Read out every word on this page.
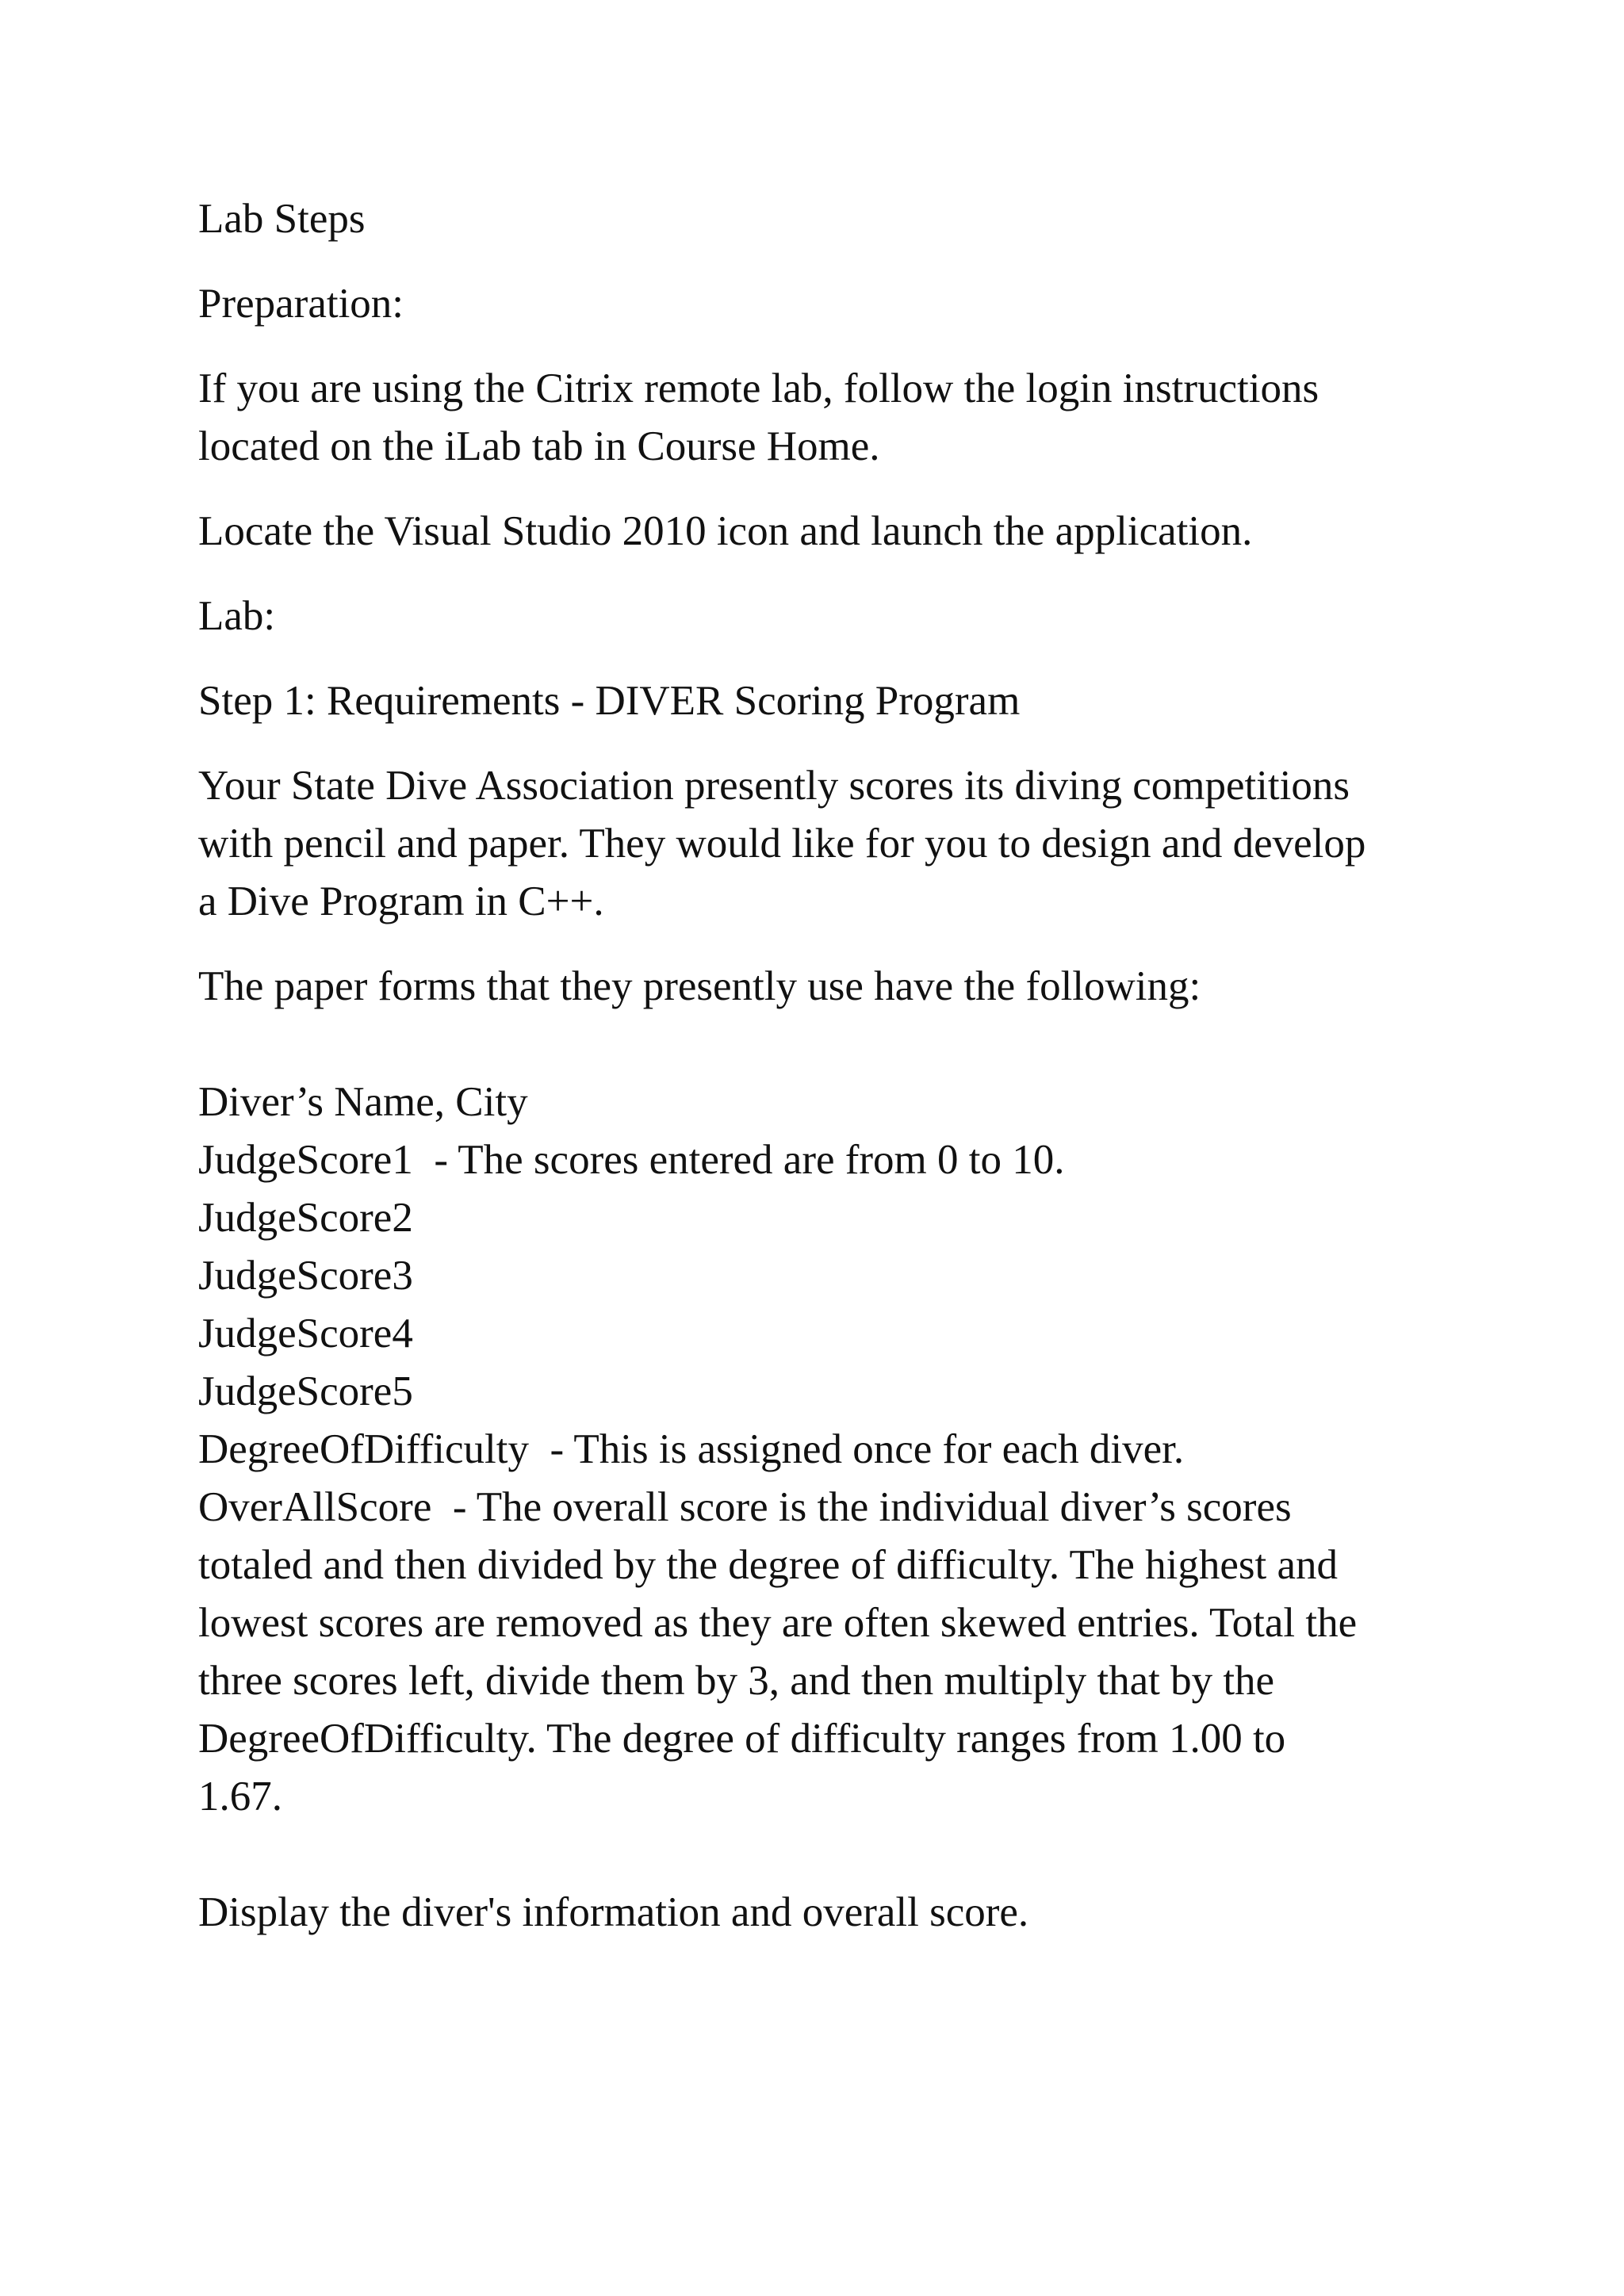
Lab Steps

Preparation:

If you are using the Citrix remote lab, follow the login instructions
located on the iLab tab in Course Home.

Locate the Visual Studio 2010 icon and launch the application.

Lab:

Step 1: Requirements - DIVER Scoring Program

Your State Dive Association presently scores its diving competitions
with pencil and paper. They would like for you to design and develop
a Dive Program in C++.

The paper forms that they presently use have the following:

Diver’s Name, City

JudgeScore1  - The scores entered are from 0 to 10.

JudgeScore2

JudgeScore3

JudgeScore4

JudgeScore5

DegreeOfDifficulty  - This is assigned once for each diver.

OverAllScore  - The overall score is the individual diver’s scores
totaled and then divided by the degree of difficulty. The highest and
lowest scores are removed as they are often skewed entries. Total the
three scores left, divide them by 3, and then multiply that by the
DegreeOfDifficulty. The degree of difficulty ranges from 1.00 to
1.67.

Display the diver's information and overall score.
